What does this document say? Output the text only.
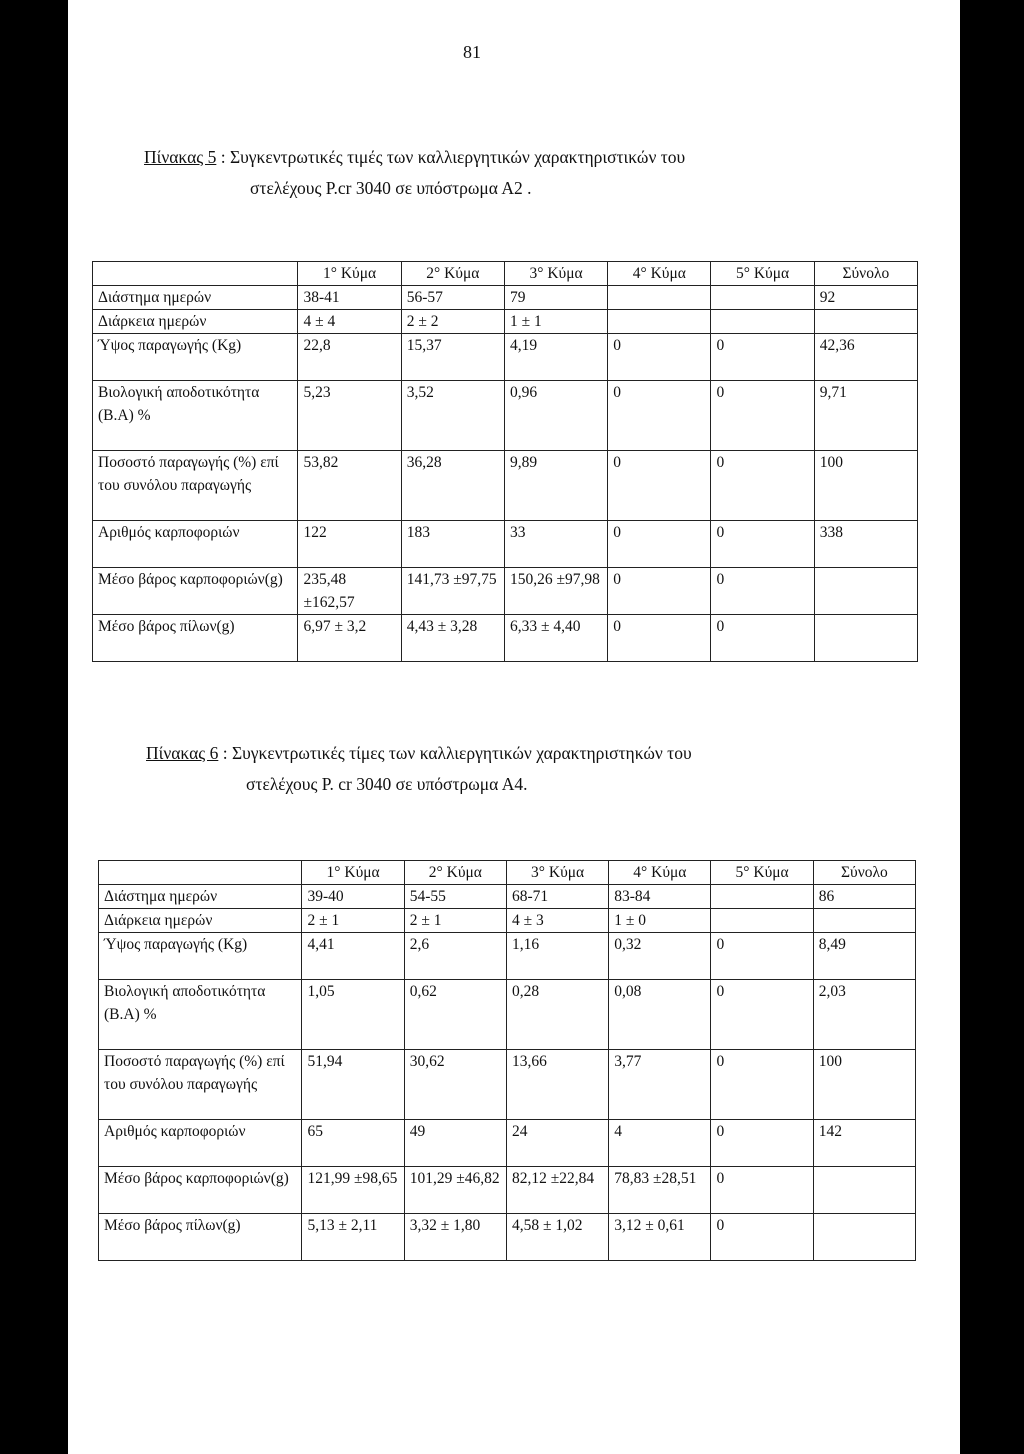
81
Πίνακας 5 : Συγκεντρωτικές τιμές των καλλιεργητικών χαρακτηριστικών του
στελέχους P.cr 3040 σε υπόστρωμα Α2 .
	1° Κύμα	2° Κύμα	3° Κύμα	4° Κύμα	5° Κύμα	Σύνολο
Διάστημα ημερών	38-41	56-57	79			92
Διάρκεια ημερών	4 ± 4	2 ± 2	1 ± 1			
Ύψος παραγωγής (Kg)	22,8	15,37	4,19	0	0	42,36
Βιολογική αποδοτικότητα (Β.Α) %	5,23	3,52	0,96	0	0	9,71
Ποσοστό παραγωγής (%) επί του συνόλου παραγωγής	53,82	36,28	9,89	0	0	100
Αριθμός καρποφοριών	122	183	33	0	0	338
Μέσο βάρος καρποφοριών(g)	235,48 ±162,57	141,73 ±97,75	150,26 ±97,98	0	0	
Μέσο βάρος πίλων(g)	6,97 ± 3,2	4,43 ± 3,28	6,33 ± 4,40	0	0	
Πίνακας 6 : Συγκεντρωτικές τίμες των καλλιεργητικών χαρακτηριστηκών του
στελέχους P. cr 3040 σε υπόστρωμα Α4.
	1° Κύμα	2° Κύμα	3° Κύμα	4° Κύμα	5° Κύμα	Σύνολο
Διάστημα ημερών	39-40	54-55	68-71	83-84		86
Διάρκεια ημερών	2 ± 1	2 ± 1	4 ± 3	1 ± 0		
Ύψος παραγωγής (Kg)	4,41	2,6	1,16	0,32	0	8,49
Βιολογική αποδοτικότητα (Β.Α) %	1,05	0,62	0,28	0,08	0	2,03
Ποσοστό παραγωγής (%) επί του συνόλου παραγωγής	51,94	30,62	13,66	3,77	0	100
Αριθμός καρποφοριών	65	49	24	4	0	142
Μέσο βάρος καρποφοριών(g)	121,99 ±98,65	101,29 ±46,82	82,12 ±22,84	78,83 ±28,51	0	
Μέσο βάρος πίλων(g)	5,13 ± 2,11	3,32 ± 1,80	4,58 ± 1,02	3,12 ± 0,61	0	
